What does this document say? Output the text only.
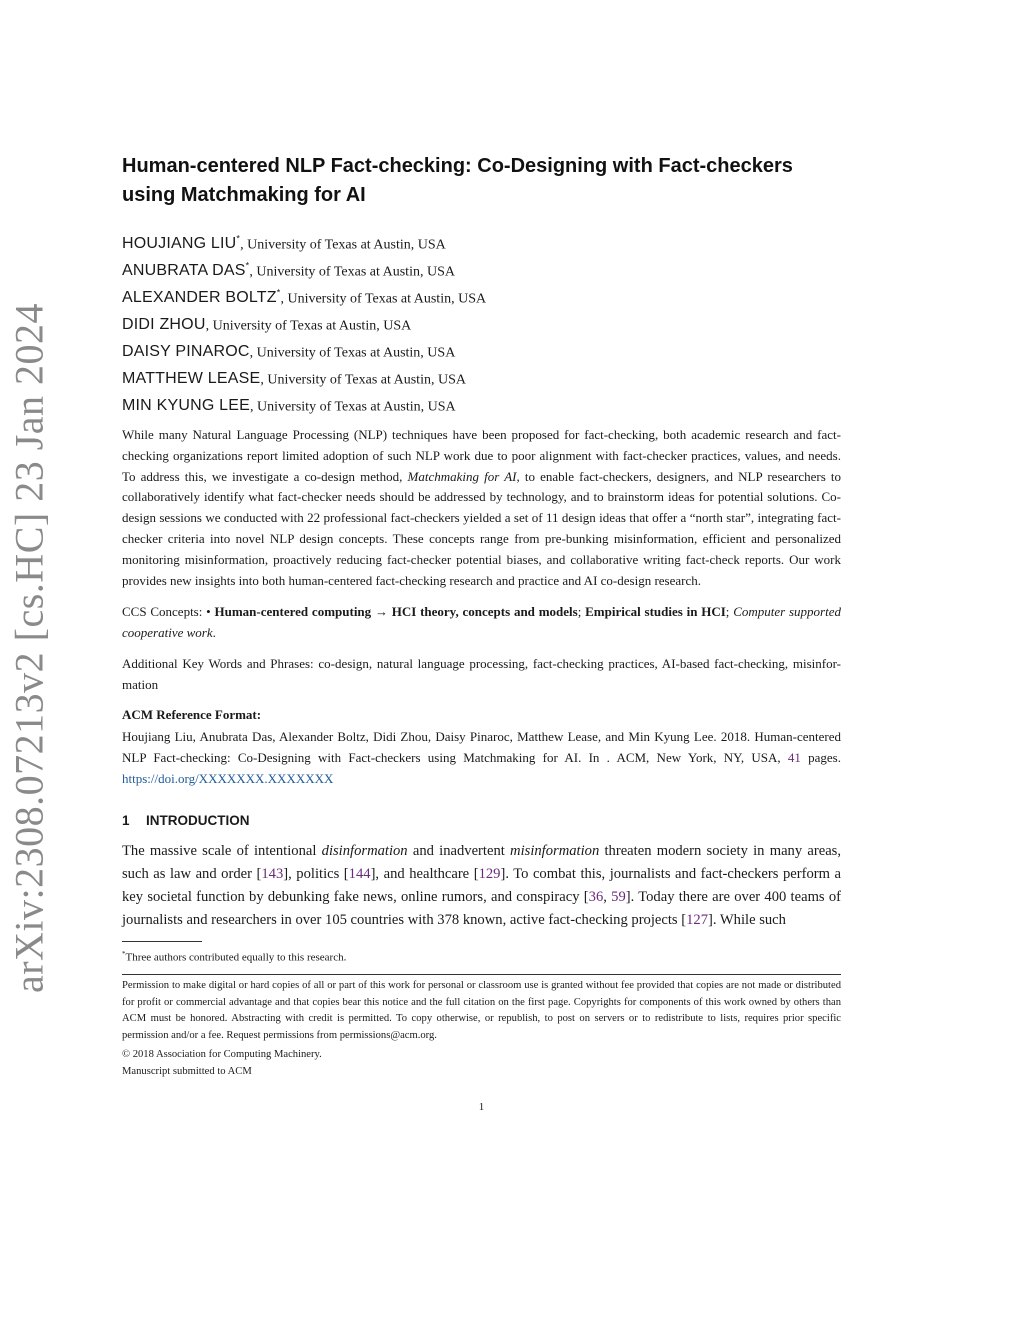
arXiv:2308.07213v2 [cs.HC] 23 Jan 2024
Human-centered NLP Fact-checking: Co-Designing with Fact-checkers using Matchmaking for AI
HOUJIANG LIU*, University of Texas at Austin, USA
ANUBRATA DAS*, University of Texas at Austin, USA
ALEXANDER BOLTZ*, University of Texas at Austin, USA
DIDI ZHOU, University of Texas at Austin, USA
DAISY PINAROC, University of Texas at Austin, USA
MATTHEW LEASE, University of Texas at Austin, USA
MIN KYUNG LEE, University of Texas at Austin, USA

While many Natural Language Processing (NLP) techniques have been proposed for fact-checking, both academic research and fact-checking organizations report limited adoption of such NLP work due to poor alignment with fact-checker practices, values, and needs. To address this, we investigate a co-design method, Matchmaking for AI, to enable fact-checkers, designers, and NLP researchers to collaboratively identify what fact-checker needs should be addressed by technology, and to brainstorm ideas for potential solutions. Co-design sessions we conducted with 22 professional fact-checkers yielded a set of 11 design ideas that offer a “north star”, integrating fact-checker criteria into novel NLP design concepts. These concepts range from pre-bunking misinformation, efficient and personalized monitoring misinformation, proactively reducing fact-checker potential biases, and collaborative writing fact-check reports. Our work provides new insights into both human-centered fact-checking research and practice and AI co-design research.

CCS Concepts: • Human-centered computing → HCI theory, concepts and models; Empirical studies in HCI; Computer supported cooperative work.

Additional Key Words and Phrases: co-design, natural language processing, fact-checking practices, AI-based fact-checking, misinfor-mation

ACM Reference Format:

Houjiang Liu, Anubrata Das, Alexander Boltz, Didi Zhou, Daisy Pinaroc, Matthew Lease, and Min Kyung Lee. 2018. Human-centered NLP Fact-checking: Co-Designing with Fact-checkers using Matchmaking for AI. In . ACM, New York, NY, USA, 41 pages. https://doi.org/XXXXXXX.XXXXXXX

1 INTRODUCTION

The massive scale of intentional disinformation and inadvertent misinformation threaten modern society in many areas, such as law and order [143], politics [144], and healthcare [129]. To combat this, journalists and fact-checkers perform a key societal function by debunking fake news, online rumors, and conspiracy [36, 59]. Today there are over 400 teams of journalists and researchers in over 105 countries with 378 known, active fact-checking projects [127]. While such

*Three authors contributed equally to this research.

Permission to make digital or hard copies of all or part of this work for personal or classroom use is granted without fee provided that copies are not made or distributed for profit or commercial advantage and that copies bear this notice and the full citation on the first page. Copyrights for components of this work owned by others than ACM must be honored. Abstracting with credit is permitted. To copy otherwise, or republish, to post on servers or to redistribute to lists, requires prior specific permission and/or a fee. Request permissions from permissions@acm.org.

© 2018 Association for Computing Machinery.

Manuscript submitted to ACM

1
